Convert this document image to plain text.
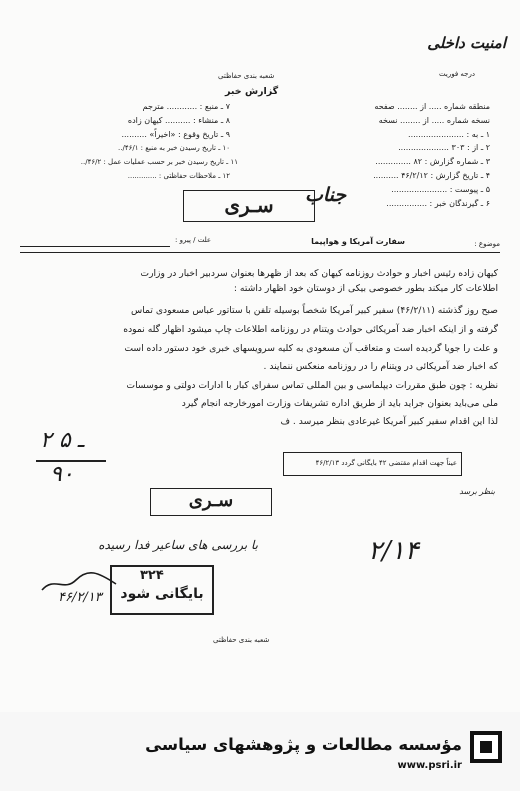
امنیت داخلی
درجه فوریت
شعبه بندی حفاظتی
گزارش خبر
منطقه شماره ..... از ........ صفحه
نسخه شماره ..... از ........ نسخه
۱ ـ به : ......................
۲ ـ از : ۳۰۳ ....................
۳ ـ شماره گزارش : ۸۲ ..............
۴ ـ تاریخ گزارش : ۴۶/۲/۱۲ ..........
۵ ـ پیوست : ......................
۶ ـ گیرندگان خبر : ................
۷ ـ منبع : ............ مترجم
۸ ـ منشاء : .......... کیهان زاده
۹ ـ تاریخ وقوع : «اخیراً» ..........
۱۰ ـ تاریخ رسیدن خبر به منبع : ۴۶/۱/..
۱۱ ـ تاریخ رسیدن خبر بر حسب عملیات عمل : ۴۶/۲/..
۱۲ ـ ملاحظات حفاظتی : .............
سـری	جناب
علت / پیرو :	موضوع :
سفارت آمریکا و هواپیما
کیهان زاده رئیس اخبار و حوادث روزنامه کیهان که بعد از ظهرها بعنوان سردبیر اخبار در وزارت
اطلاعات کار میکند بطور خصوصی بیکی از دوستان خود اظهار داشته :
صبح روز گذشته (۴۶/۲/۱۱) سفیر کبیر آمریکا شخصاً بوسیله تلفن با ستاتور عباس مسعودی تماس
گرفته و از اینکه اخبار ضد آمریکائی حوادث ویتنام در روزنامه اطلاعات چاپ میشود اظهار گله نموده
و علت را جویا گردیده است و متعاقب آن مسعودی به کلیه سرویسهای خبری خود دستور داده است
که اخبار ضد آمریکائی در ویتنام را در روزنامه منعکس ننمایند .
نظریه : چون طبق مقررات دیپلماسی و بین المللی تماس سفرای کبار با ادارات دولتی و موسسات
ملی می‌باید بعنوان جراید باید از طریق اداره تشریفات وزارت امورخارجه انجام گیرد
لذا این اقدام سفیر کبیر آمریکا غیرعادی بنظر میرسد . ف
۲ ـ ۵
۹۰	عیناً جهت اقدام مقتضی ۴۲ بایگانی گردد ۴۶/۲/۱۳
بنظر برسد
سـری
با بررسی های ساعیر فدا رسیده	۲/۱۴
۳۲۴
بایگانی شود
۴۶/۲/۱۳
شعبه بندی حفاظتی
مؤسسه مطالعات و پژوهشهای سیاسی
www.psri.ir
